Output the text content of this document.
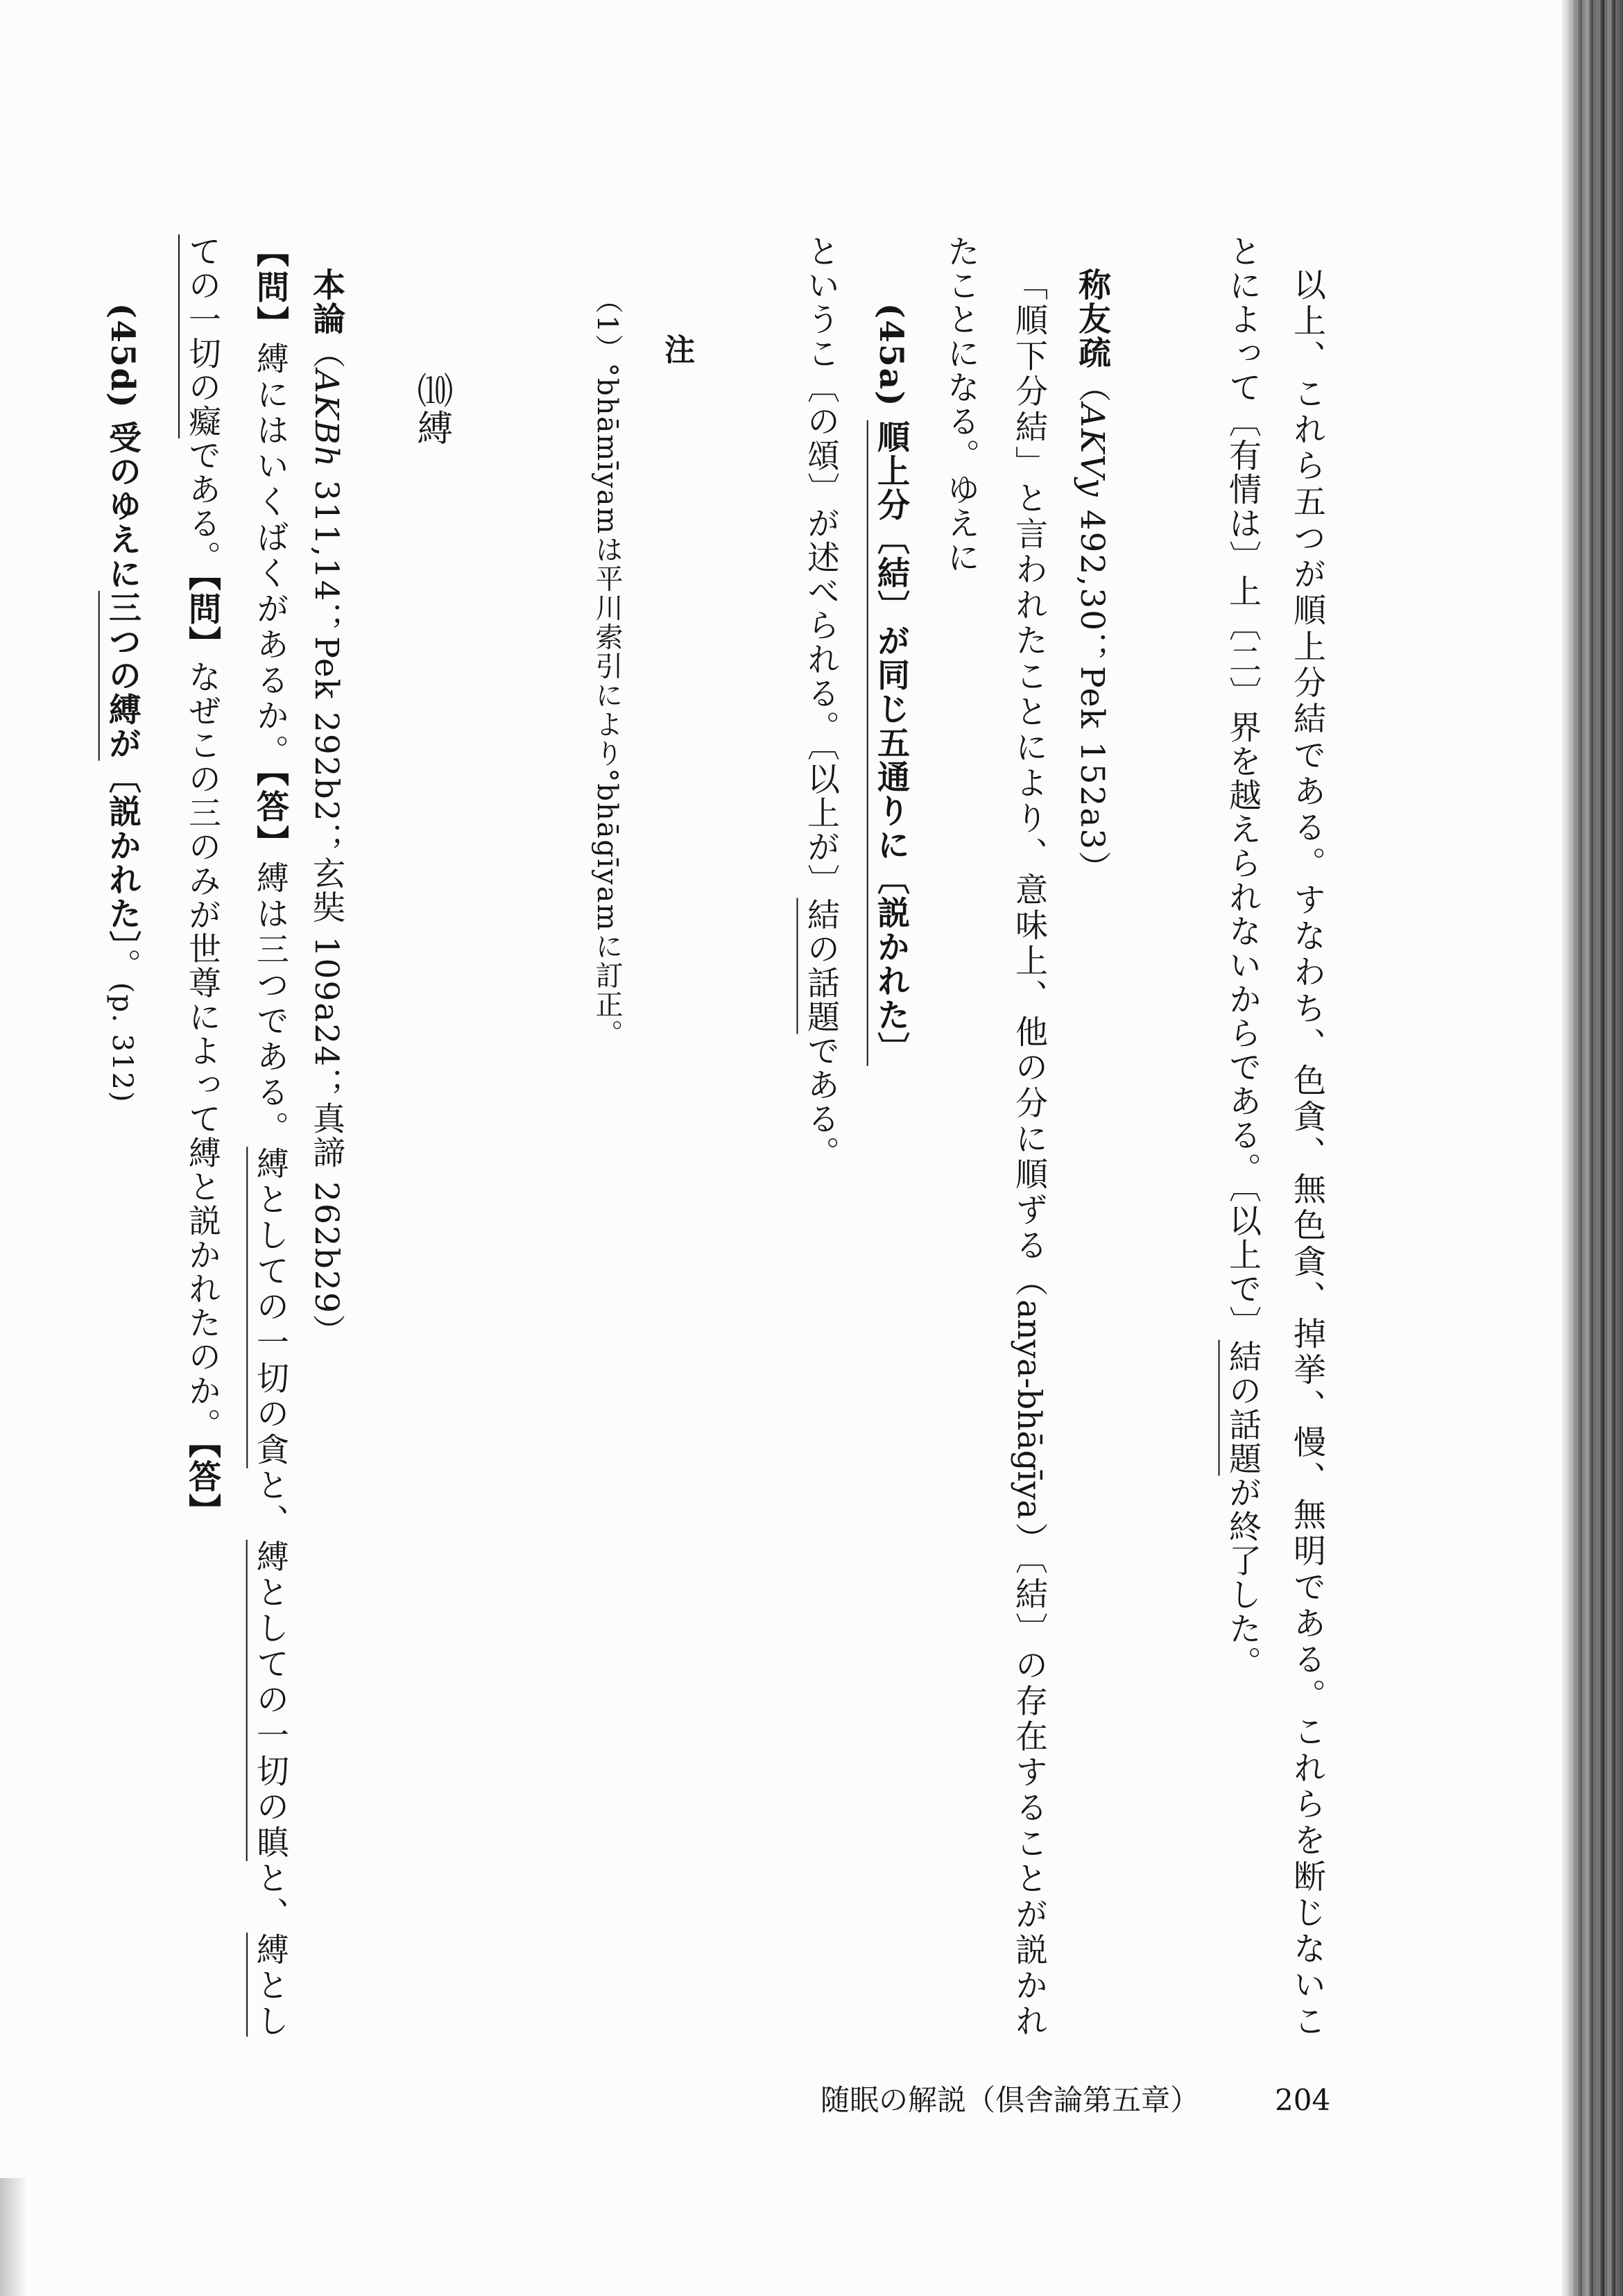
以上、これら五つが順上分結である。すなわち、色貪、無色貪、掉挙、慢、無明である。これらを断じないこ

とによって〔有情は〕上〔二〕界を越えられないからである。〔以上で〕結の話題が終了した。

称友疏（AKVy 492,30；Pek 152a3）

「順下分結」と言われたことにより、意味上、他の分に順ずる（anya-bhāgīya）〔結〕の存在することが説かれ

たことになる。ゆえに

(45a) 順上分〔結〕が同じ五通りに〔説かれた〕

というこ〔の頌〕が述べられる。〔以上が〕結の話題である。

注

（1）°bhāmīyamは平川索引により°bhāgīyamに訂正。

⑽縛

本論（AKBh 311,14；Pek 292b2；玄奘 109a24；真諦 262b29）

【問】縛にはいくばくがあるか。【答】縛は三つである。縛としての一切の貪と、縛としての一切の瞋と、縛とし

ての一切の癡である。【問】なぜこの三のみが世尊によって縛と説かれたのか。【答】

(45d) 受のゆえに三つの縛が〔説かれた〕。(p. 312)

随眠の解説（倶舎論第五章）	204
